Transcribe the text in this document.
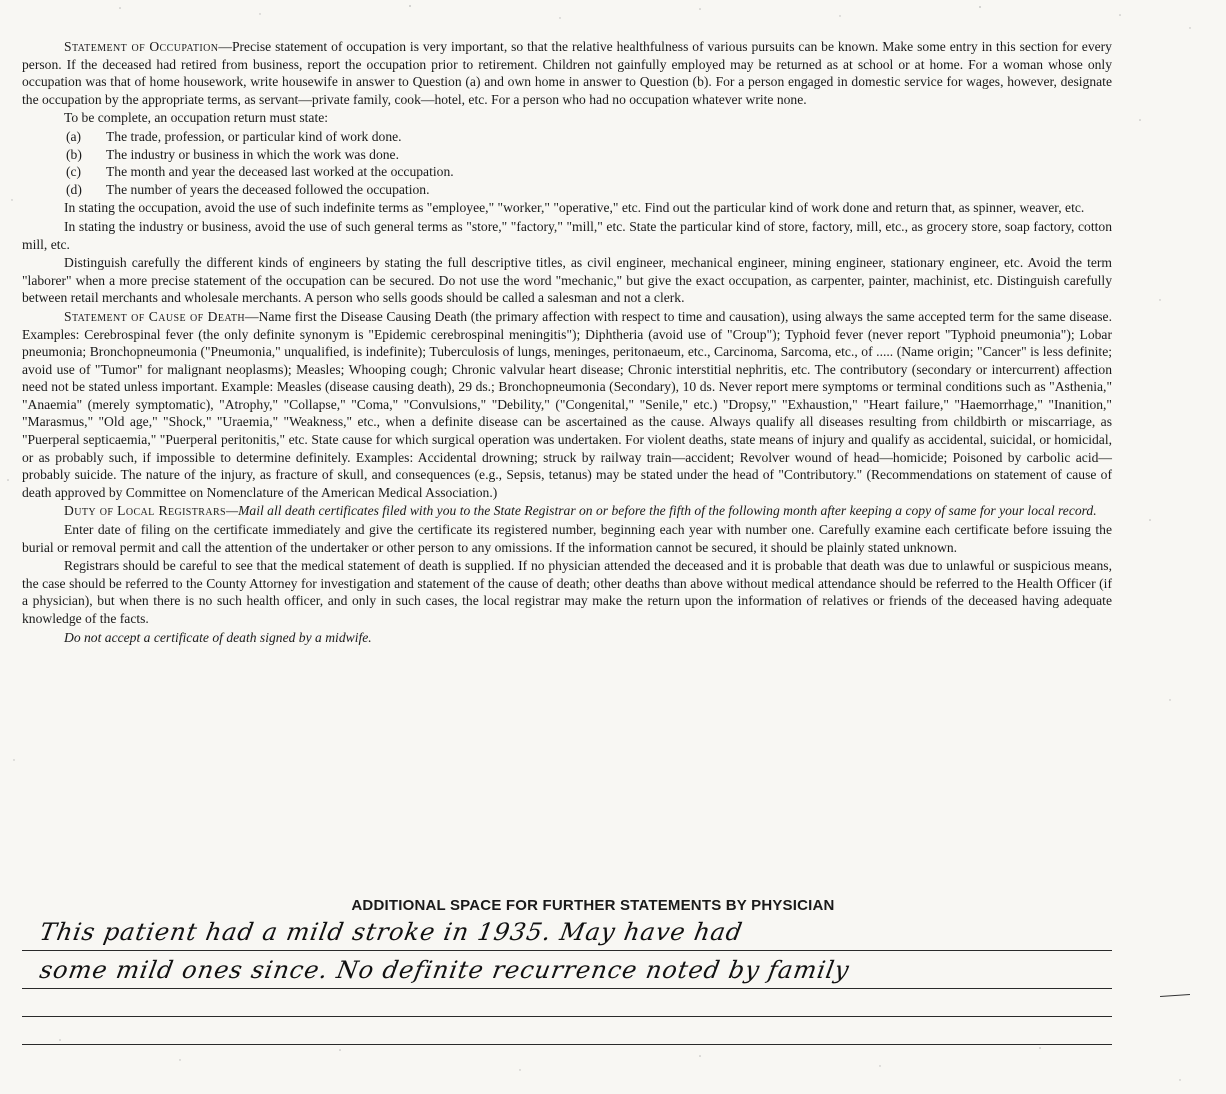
Statement of Occupation—Precise statement of occupation is very important, so that the relative healthfulness of various pursuits can be known. Make some entry in this section for every person. If the deceased had retired from business, report the occupation prior to retirement. Children not gainfully employed may be returned as at school or at home. For a woman whose only occupation was that of home housework, write housewife in answer to Question (a) and own home in answer to Question (b). For a person engaged in domestic service for wages, however, designate the occupation by the appropriate terms, as servant—private family, cook—hotel, etc. For a person who had no occupation whatever write none.

To be complete, an occupation return must state:

(a) The trade, profession, or particular kind of work done.
(b) The industry or business in which the work was done.
(c) The month and year the deceased last worked at the occupation.
(d) The number of years the deceased followed the occupation.

In stating the occupation, avoid the use of such indefinite terms as "employee," "worker," "operative," etc. Find out the particular kind of work done and return that, as spinner, weaver, etc.

In stating the industry or business, avoid the use of such general terms as "store," "factory," "mill," etc. State the particular kind of store, factory, mill, etc., as grocery store, soap factory, cotton mill, etc.

Distinguish carefully the different kinds of engineers by stating the full descriptive titles, as civil engineer, mechanical engineer, mining engineer, stationary engineer, etc. Avoid the term "laborer" when a more precise statement of the occupation can be secured. Do not use the word "mechanic," but give the exact occupation, as carpenter, painter, machinist, etc. Distinguish carefully between retail merchants and wholesale merchants. A person who sells goods should be called a salesman and not a clerk.

Statement of Cause of Death—Name first the Disease Causing Death (the primary affection with respect to time and causation), using always the same accepted term for the same disease. Examples: Cerebrospinal fever (the only definite synonym is "Epidemic cerebrospinal meningitis"); Diphtheria (avoid use of "Croup"); Typhoid fever (never report "Typhoid pneumonia"); Lobar pneumonia; Bronchopneumonia ("Pneumonia," unqualified, is indefinite); Tuberculosis of lungs, meninges, peritonaeum, etc., Carcinoma, Sarcoma, etc., of ..... (Name origin; "Cancer" is less definite; avoid use of "Tumor" for malignant neoplasms); Measles; Whooping cough; Chronic valvular heart disease; Chronic interstitial nephritis, etc. The contributory (secondary or intercurrent) affection need not be stated unless important. Example: Measles (disease causing death), 29 ds.; Bronchopneumonia (Secondary), 10 ds. Never report mere symptoms or terminal conditions such as "Asthenia," "Anaemia" (merely symptomatic), "Atrophy," "Collapse," "Coma," "Convulsions," "Debility," ("Congenital," "Senile," etc.) "Dropsy," "Exhaustion," "Heart failure," "Haemorrhage," "Inanition," "Marasmus," "Old age," "Shock," "Uraemia," "Weakness," etc., when a definite disease can be ascertained as the cause. Always qualify all diseases resulting from childbirth or miscarriage, as "Puerperal septicaemia," "Puerperal peritonitis," etc. State cause for which surgical operation was undertaken. For violent deaths, state means of injury and qualify as accidental, suicidal, or homicidal, or as probably such, if impossible to determine definitely. Examples: Accidental drowning; struck by railway train—accident; Revolver wound of head—homicide; Poisoned by carbolic acid—probably suicide. The nature of the injury, as fracture of skull, and consequences (e.g., Sepsis, tetanus) may be stated under the head of "Contributory." (Recommendations on statement of cause of death approved by Committee on Nomenclature of the American Medical Association.)

Duty of Local Registrars—Mail all death certificates filed with you to the State Registrar on or before the fifth of the following month after keeping a copy of same for your local record.

Enter date of filing on the certificate immediately and give the certificate its registered number, beginning each year with number one. Carefully examine each certificate before issuing the burial or removal permit and call the attention of the undertaker or other person to any omissions. If the information cannot be secured, it should be plainly stated unknown.

Registrars should be careful to see that the medical statement of death is supplied. If no physician attended the deceased and it is probable that death was due to unlawful or suspicious means, the case should be referred to the County Attorney for investigation and statement of the cause of death; other deaths than above without medical attendance should be referred to the Health Officer (if a physician), but when there is no such health officer, and only in such cases, the local registrar may make the return upon the information of relatives or friends of the deceased having adequate knowledge of the facts.

Do not accept a certificate of death signed by a midwife.

ADDITIONAL SPACE FOR FURTHER STATEMENTS BY PHYSICIAN
This patient had a mild stroke in 1935. May have had
some mild ones since. No definite recurrence noted by family
